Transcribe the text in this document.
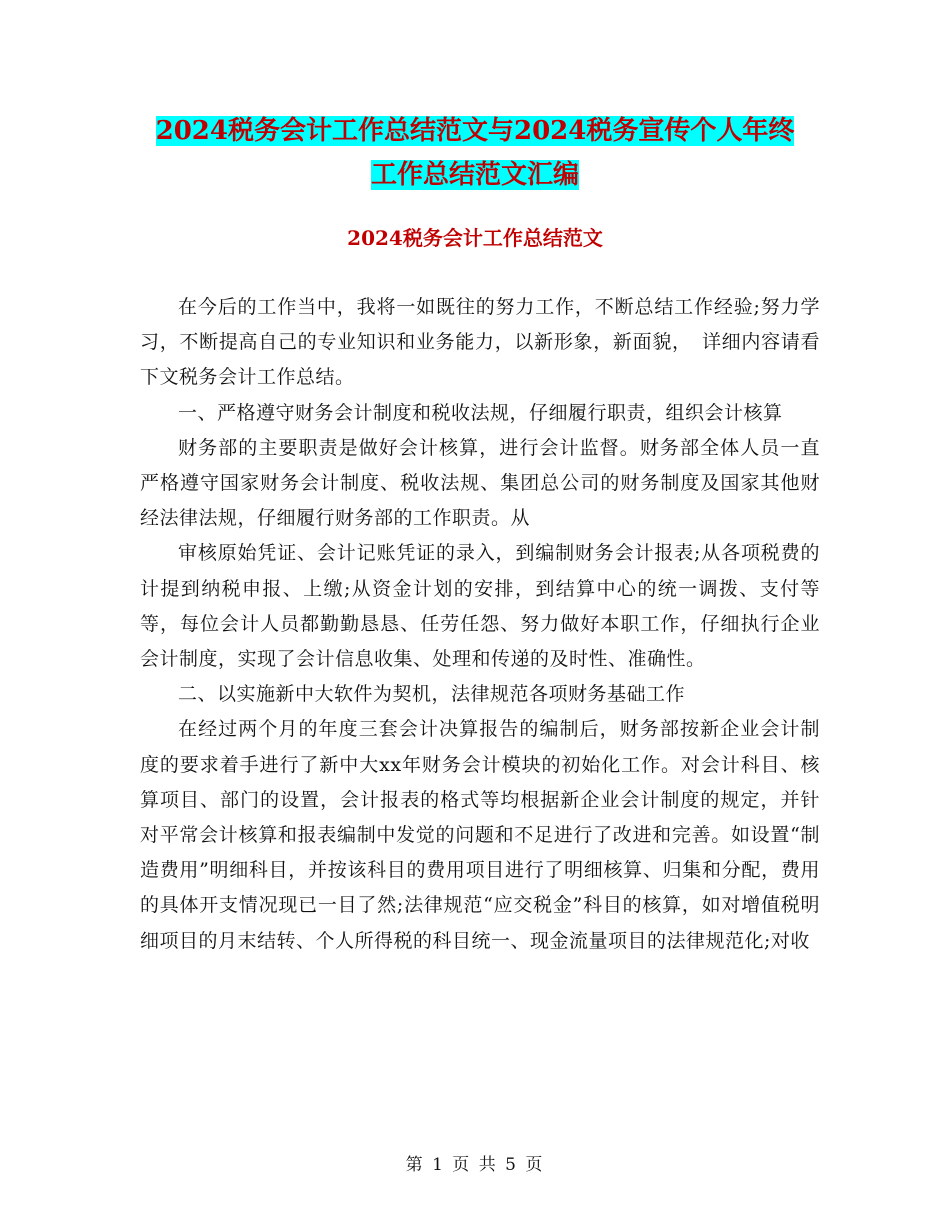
2024税务会计工作总结范文与2024税务宣传个人年终
工作总结范文汇编
2024税务会计工作总结范文

在今后的工作当中，我将一如既往的努力工作，不断总结工作经验;努力学习，不断提高自己的专业知识和业务能力，以新形象，新面貌，　详细内容请看下文税务会计工作总结。

一、严格遵守财务会计制度和税收法规，仔细履行职责，组织会计核算

财务部的主要职责是做好会计核算，进行会计监督。财务部全体人员一直严格遵守国家财务会计制度、税收法规、集团总公司的财务制度及国家其他财经法律法规，仔细履行财务部的工作职责。从

审核原始凭证、会计记账凭证的录入，到编制财务会计报表;从各项税费的计提到纳税申报、上缴;从资金计划的安排，到结算中心的统一调拨、支付等等，每位会计人员都勤勤恳恳、任劳任怨、努力做好本职工作，仔细执行企业会计制度，实现了会计信息收集、处理和传递的及时性、准确性。

二、以实施新中大软件为契机，法律规范各项财务基础工作

在经过两个月的年度三套会计决算报告的编制后，财务部按新企业会计制度的要求着手进行了新中大xx年财务会计模块的初始化工作。对会计科目、核算项目、部门的设置，会计报表的格式等均根据新企业会计制度的规定，并针对平常会计核算和报表编制中发觉的问题和不足进行了改进和完善。如设置“制造费用”明细科目，并按该科目的费用项目进行了明细核算、归集和分配，费用的具体开支情况现已一目了然;法律规范“应交税金”科目的核算，如对增值税明细项目的月末结转、个人所得税的科目统一、现金流量项目的法律规范化;对收

第 1 页 共 5 页
